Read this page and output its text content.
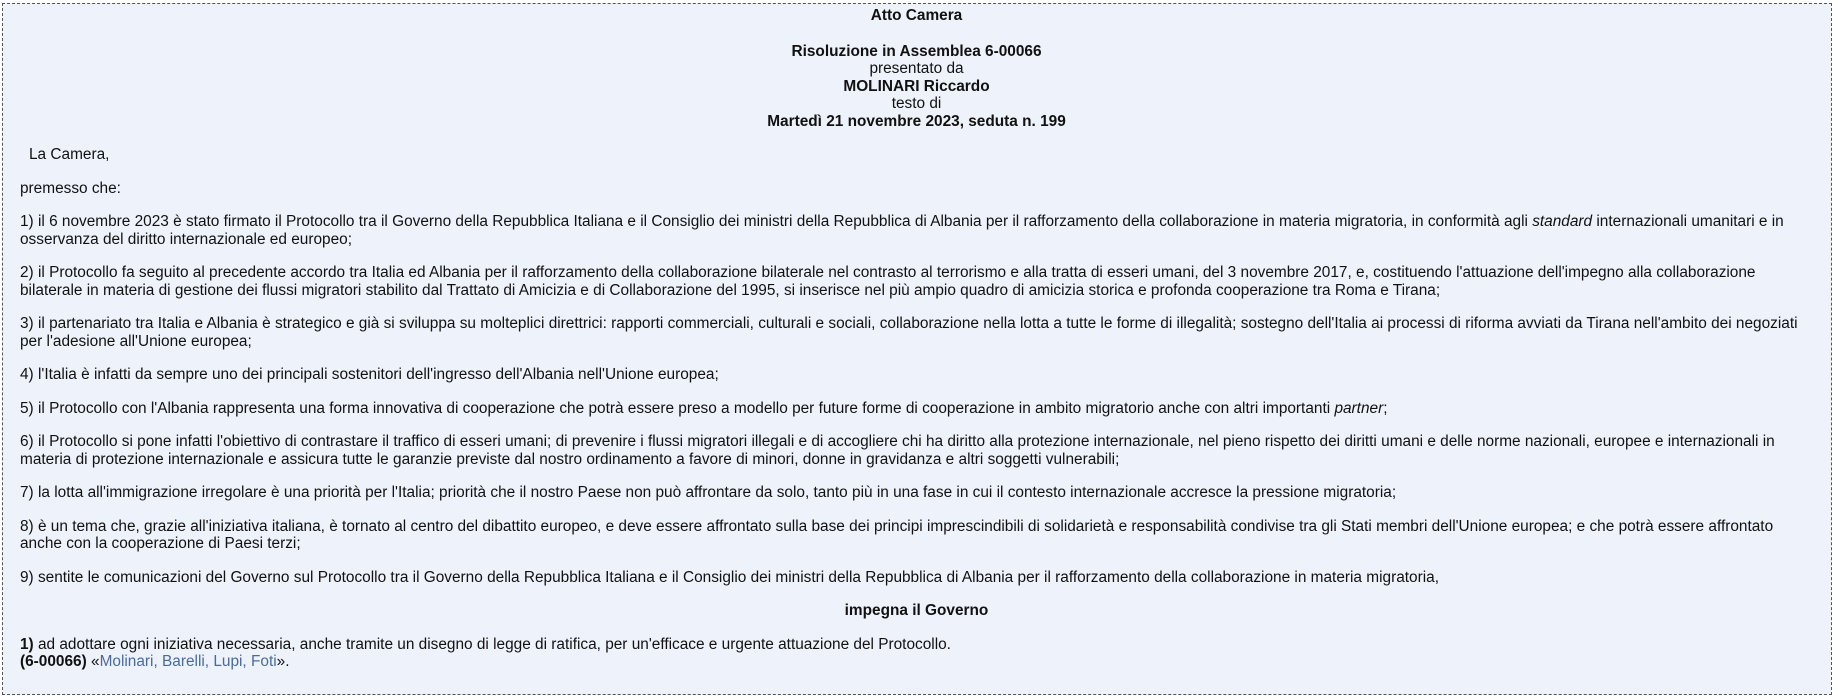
Atto Camera
Risoluzione in Assemblea 6-00066
presentato da
MOLINARI Riccardo
testo di
Martedì 21 novembre 2023, seduta n. 199

La Camera,

premesso che:

1) il 6 novembre 2023 è stato firmato il Protocollo tra il Governo della Repubblica Italiana e il Consiglio dei ministri della Repubblica di Albania per il rafforzamento della collaborazione in materia migratoria, in conformità agli standard internazionali umanitari e in osservanza del diritto internazionale ed europeo;

2) il Protocollo fa seguito al precedente accordo tra Italia ed Albania per il rafforzamento della collaborazione bilaterale nel contrasto al terrorismo e alla tratta di esseri umani, del 3 novembre 2017, e, costituendo l'attuazione dell'impegno alla collaborazione bilaterale in materia di gestione dei flussi migratori stabilito dal Trattato di Amicizia e di Collaborazione del 1995, si inserisce nel più ampio quadro di amicizia storica e profonda cooperazione tra Roma e Tirana;

3) il partenariato tra Italia e Albania è strategico e già si sviluppa su molteplici direttrici: rapporti commerciali, culturali e sociali, collaborazione nella lotta a tutte le forme di illegalità; sostegno dell'Italia ai processi di riforma avviati da Tirana nell'ambito dei negoziati per l'adesione all'Unione europea;

4) l'Italia è infatti da sempre uno dei principali sostenitori dell'ingresso dell'Albania nell'Unione europea;

5) il Protocollo con l'Albania rappresenta una forma innovativa di cooperazione che potrà essere preso a modello per future forme di cooperazione in ambito migratorio anche con altri importanti partner;

6) il Protocollo si pone infatti l'obiettivo di contrastare il traffico di esseri umani; di prevenire i flussi migratori illegali e di accogliere chi ha diritto alla protezione internazionale, nel pieno rispetto dei diritti umani e delle norme nazionali, europee e internazionali in materia di protezione internazionale e assicura tutte le garanzie previste dal nostro ordinamento a favore di minori, donne in gravidanza e altri soggetti vulnerabili;

7) la lotta all'immigrazione irregolare è una priorità per l'Italia; priorità che il nostro Paese non può affrontare da solo, tanto più in una fase in cui il contesto internazionale accresce la pressione migratoria;

8) è un tema che, grazie all'iniziativa italiana, è tornato al centro del dibattito europeo, e deve essere affrontato sulla base dei principi imprescindibili di solidarietà e responsabilità condivise tra gli Stati membri dell'Unione europea; e che potrà essere affrontato anche con la cooperazione di Paesi terzi;

9) sentite le comunicazioni del Governo sul Protocollo tra il Governo della Repubblica Italiana e il Consiglio dei ministri della Repubblica di Albania per il rafforzamento della collaborazione in materia migratoria,

impegna il Governo

1) ad adottare ogni iniziativa necessaria, anche tramite un disegno di legge di ratifica, per un'efficace e urgente attuazione del Protocollo.
(6-00066) «Molinari, Barelli, Lupi, Foti».
